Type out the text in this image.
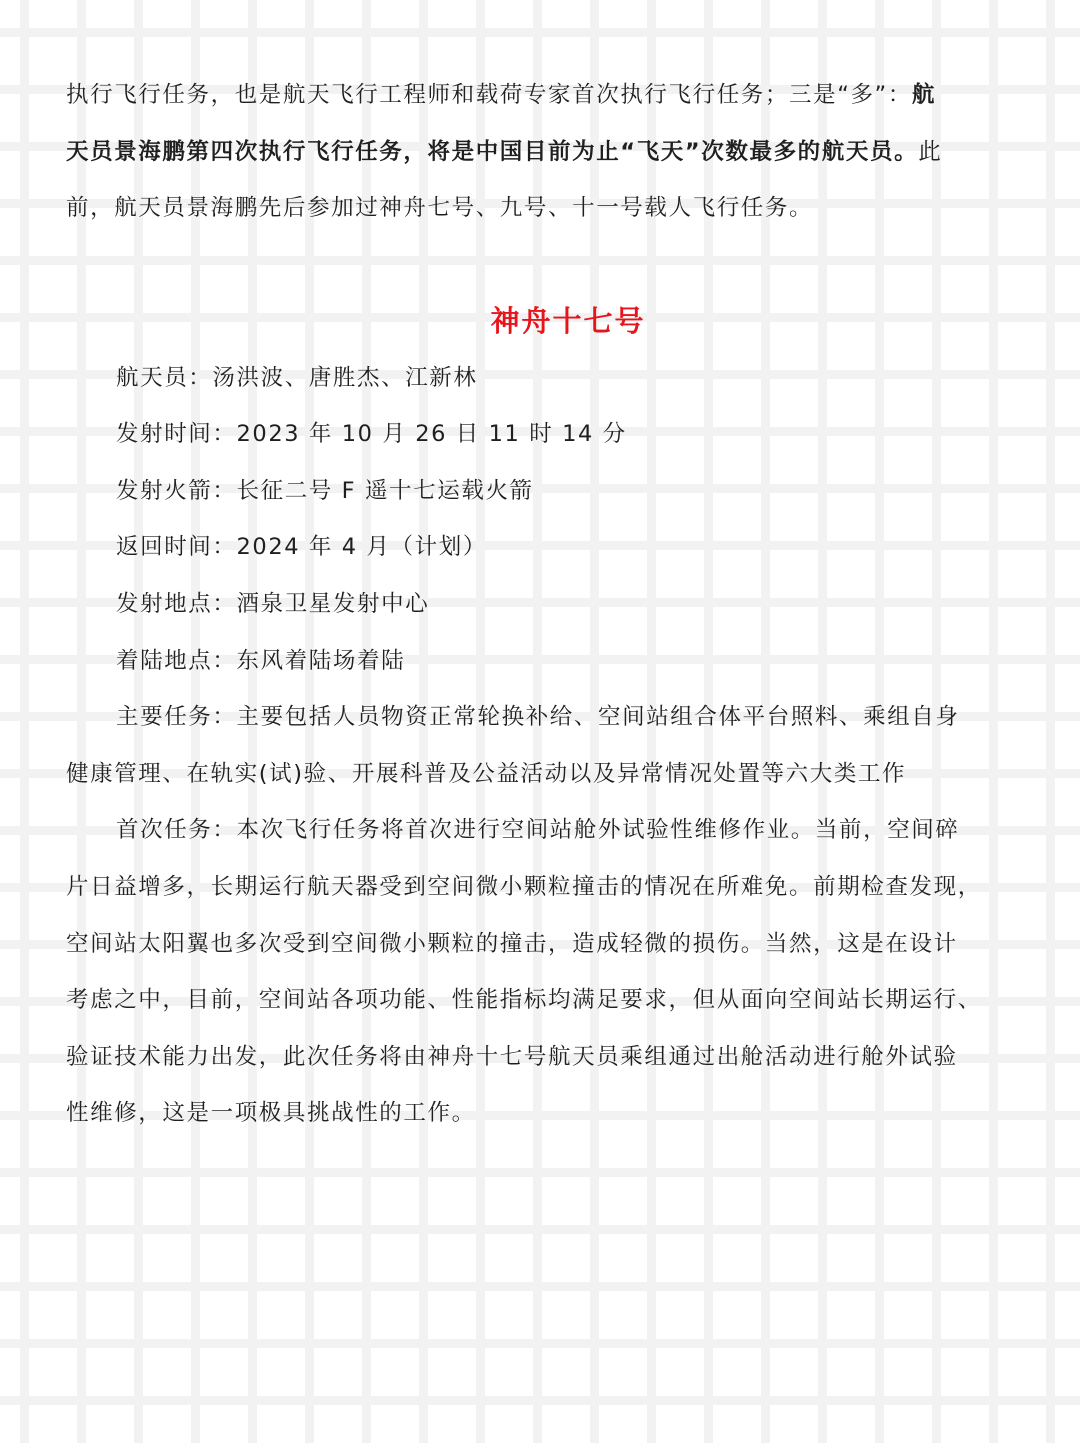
执行飞行任务，也是航天飞行工程师和载荷专家首次执行飞行任务；三是“多”：航
天员景海鹏第四次执行飞行任务，将是中国目前为止“飞天”次数最多的航天员。此
前，航天员景海鹏先后参加过神舟七号、九号、十一号载人飞行任务。
神舟十七号
航天员：汤洪波、唐胜杰、江新林
发射时间：2023 年 10 月 26 日 11 时 14 分
发射火箭：长征二号 F 遥十七运载火箭
返回时间：2024 年 4 月（计划）
发射地点：酒泉卫星发射中心
着陆地点：东风着陆场着陆
主要任务：主要包括人员物资正常轮换补给、空间站组合体平台照料、乘组自身
健康管理、在轨实(试)验、开展科普及公益活动以及异常情况处置等六大类工作
首次任务：本次飞行任务将首次进行空间站舱外试验性维修作业。当前，空间碎
片日益增多，长期运行航天器受到空间微小颗粒撞击的情况在所难免。前期检查发现，
空间站太阳翼也多次受到空间微小颗粒的撞击，造成轻微的损伤。当然，这是在设计
考虑之中，目前，空间站各项功能、性能指标均满足要求，但从面向空间站长期运行、
验证技术能力出发，此次任务将由神舟十七号航天员乘组通过出舱活动进行舱外试验
性维修，这是一项极具挑战性的工作。
